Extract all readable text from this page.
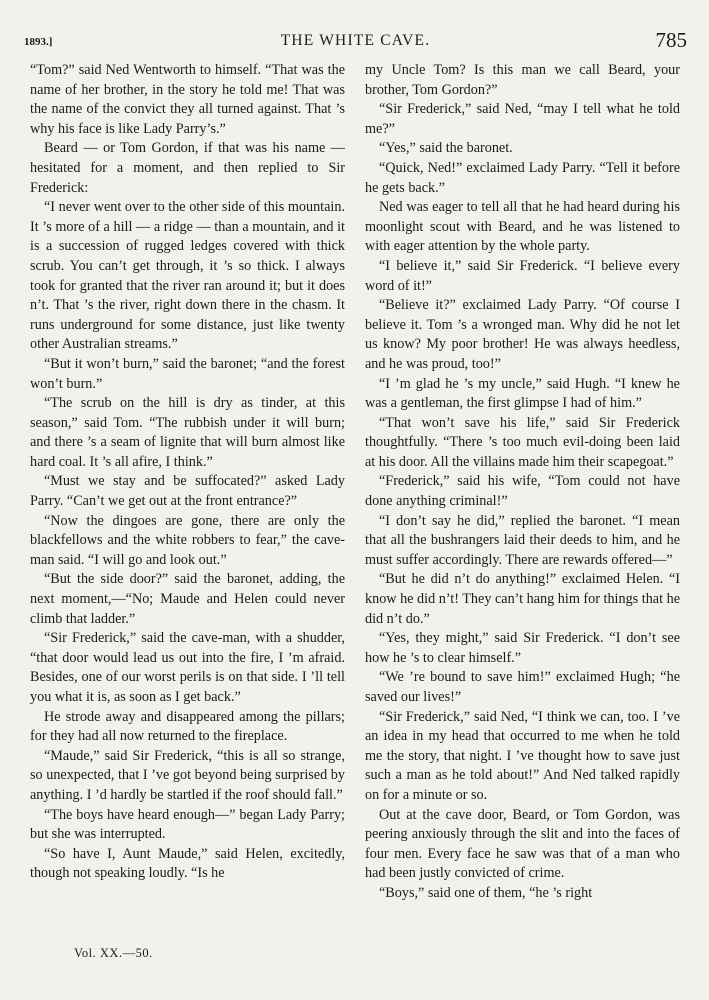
1893.]	THE WHITE CAVE.	785

“Tom?” said Ned Wentworth to himself. “That was the name of her brother, in the story he told me! That was the name of the convict they all turned against. That ’s why his face is like Lady Parry’s.”

Beard — or Tom Gordon, if that was his name — hesitated for a moment, and then replied to Sir Frederick:

“I never went over to the other side of this mountain. It ’s more of a hill — a ridge — than a mountain, and it is a succession of rugged ledges covered with thick scrub. You can’t get through, it ’s so thick. I always took for granted that the river ran around it; but it does n’t. That ’s the river, right down there in the chasm. It runs underground for some distance, just like twenty other Australian streams.”

“But it won’t burn,” said the baronet; “and the forest won’t burn.”

“The scrub on the hill is dry as tinder, at this season,” said Tom. “The rubbish under it will burn; and there ’s a seam of lignite that will burn almost like hard coal. It ’s all afire, I think.”

“Must we stay and be suffocated?” asked Lady Parry. “Can’t we get out at the front entrance?”

“Now the dingoes are gone, there are only the blackfellows and the white robbers to fear,” the cave-man said. “I will go and look out.”

“But the side door?” said the baronet, adding, the next moment,—“No; Maude and Helen could never climb that ladder.”

“Sir Frederick,” said the cave-man, with a shudder, “that door would lead us out into the fire, I ’m afraid. Besides, one of our worst perils is on that side. I ’ll tell you what it is, as soon as I get back.”

He strode away and disappeared among the pillars; for they had all now returned to the fireplace.

“Maude,” said Sir Frederick, “this is all so strange, so unexpected, that I ’ve got beyond being surprised by anything. I ’d hardly be startled if the roof should fall.”

“The boys have heard enough—” began Lady Parry; but she was interrupted.

“So have I, Aunt Maude,” said Helen, excitedly, though not speaking loudly. “Is he

my Uncle Tom? Is this man we call Beard, your brother, Tom Gordon?”

“Sir Frederick,” said Ned, “may I tell what he told me?”

“Yes,” said the baronet.

“Quick, Ned!” exclaimed Lady Parry. “Tell it before he gets back.”

Ned was eager to tell all that he had heard during his moonlight scout with Beard, and he was listened to with eager attention by the whole party.

“I believe it,” said Sir Frederick. “I believe every word of it!”

“Believe it?” exclaimed Lady Parry. “Of course I believe it. Tom ’s a wronged man. Why did he not let us know? My poor brother! He was always heedless, and he was proud, too!”

“I ’m glad he ’s my uncle,” said Hugh. “I knew he was a gentleman, the first glimpse I had of him.”

“That won’t save his life,” said Sir Frederick thoughtfully. “There ’s too much evil-doing been laid at his door. All the villains made him their scapegoat.”

“Frederick,” said his wife, “Tom could not have done anything criminal!”

“I don’t say he did,” replied the baronet. “I mean that all the bushrangers laid their deeds to him, and he must suffer accordingly. There are rewards offered—”

“But he did n’t do anything!” exclaimed Helen. “I know he did n’t! They can’t hang him for things that he did n’t do.”

“Yes, they might,” said Sir Frederick. “I don’t see how he ’s to clear himself.”

“We ’re bound to save him!” exclaimed Hugh; “he saved our lives!”

“Sir Frederick,” said Ned, “I think we can, too. I ’ve an idea in my head that occurred to me when he told me the story, that night. I ’ve thought how to save just such a man as he told about!” And Ned talked rapidly on for a minute or so.

Out at the cave door, Beard, or Tom Gordon, was peering anxiously through the slit and into the faces of four men. Every face he saw was that of a man who had been justly convicted of crime.

“Boys,” said one of them, “he ’s right

Vol. XX.—50.
